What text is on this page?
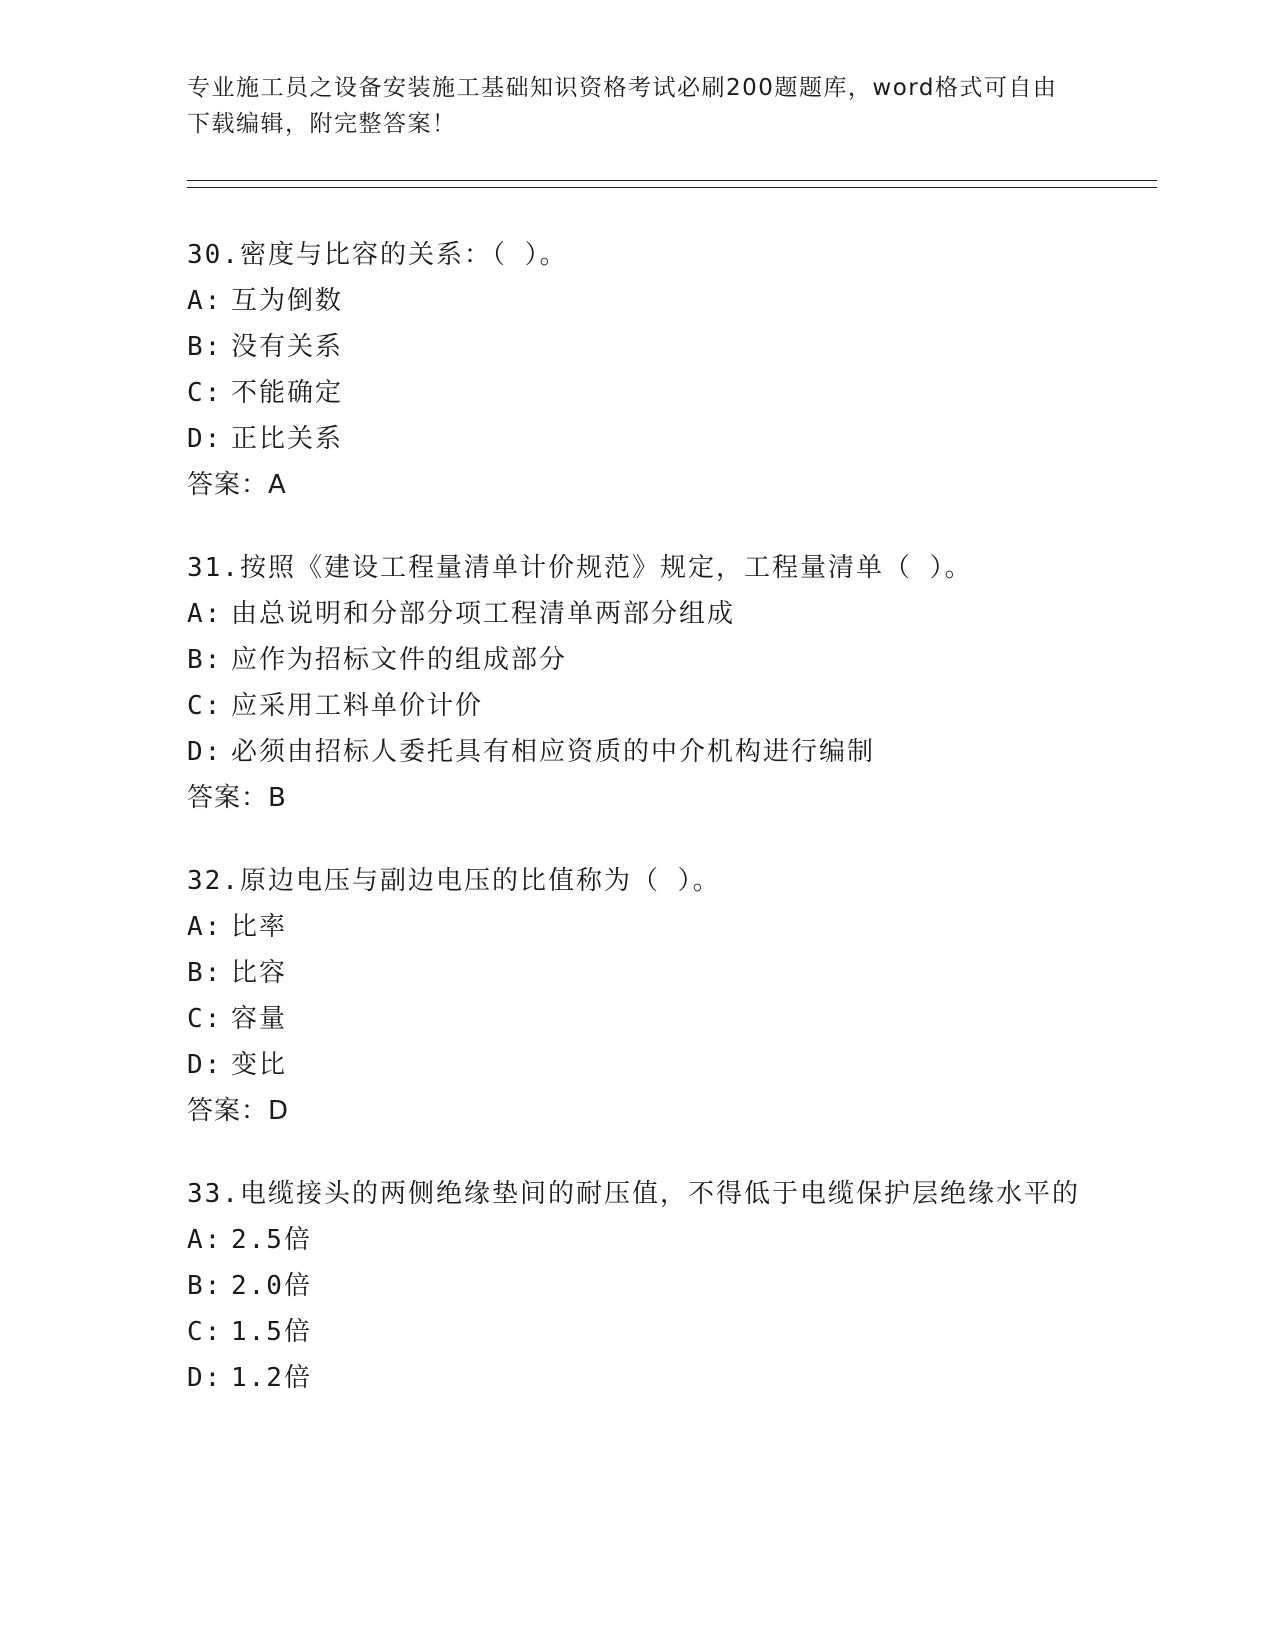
专业施工员之设备安装施工基础知识资格考试必刷200题题库，word格式可自由下载编辑，附完整答案！

30.密度与比容的关系：（ ）。

A: 互为倒数
B: 没有关系
C: 不能确定
D: 正比关系
答案：A

31.按照《建设工程量清单计价规范》规定，工程量清单（ ）。

A: 由总说明和分部分项工程清单两部分组成
B: 应作为招标文件的组成部分
C: 应采用工料单价计价
D: 必须由招标人委托具有相应资质的中介机构进行编制
答案：B

32.原边电压与副边电压的比值称为（ ）。

A: 比率
B: 比容
C: 容量
D: 变比
答案：D

33.电缆接头的两侧绝缘垫间的耐压值，不得低于电缆保护层绝缘水平的

A: 2.5倍
B: 2.0倍
C: 1.5倍
D: 1.2倍
